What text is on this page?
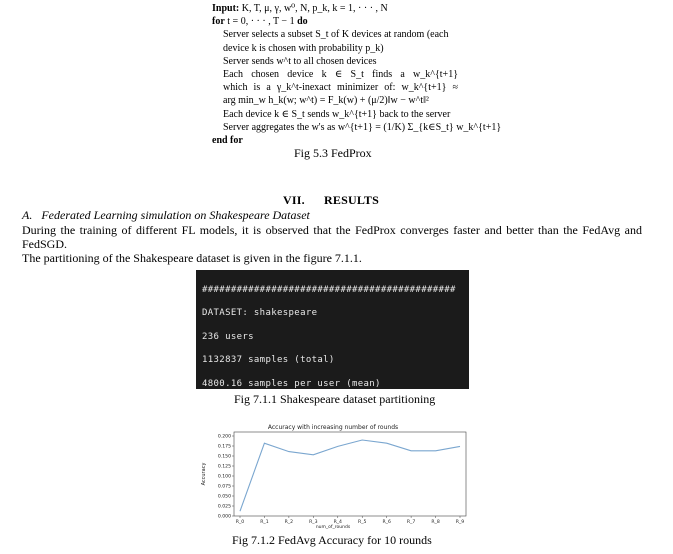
Input: K, T, μ, γ, w⁰, N, p_k, k = 1, · · · , N
for t = 0, · · · , T − 1 do
Server selects a subset S_t of K devices at random (each
device k is chosen with probability p_k)
Server sends w^t to all chosen devices
Each chosen device k ∈ S_t finds a w_k^{t+1}
which is a γ_k^t-inexact minimizer of: w_k^{t+1} ≈
arg min_w h_k(w; w^t) = F_k(w) + (μ/2)‖w − w^t‖²
Each device k ∈ S_t sends w_k^{t+1} back to the server
Server aggregates the w's as w^{t+1} = (1/K) Σ_{k∈S_t} w_k^{t+1}
end for
Fig 5.3 FedProx
VII.      RESULTS
A.   Federated Learning simulation on Shakespeare Dataset
During the training of different FL models, it is observed that the FedProx converges faster and better than the FedAvg and
FedSGD.
The partitioning of the Shakespeare dataset is given in the figure 7.1.1.

############################################

DATASET: shakespeare

236 users

1132837 samples (total)

4800.16 samples per user (mean)

Fig 7.1.1 Shakespeare dataset partitioning
Accuracy with increasing number of rounds
0.000
0.025
0.050
0.075
0.100
0.125
0.150
0.175
0.200
R_0	R_1	R_2	R_3	R_4	R_5	R_6	R_7	R_8	R_9
num_of_rounds
Accuracy
Fig 7.1.2 FedAvg Accuracy for 10 rounds
